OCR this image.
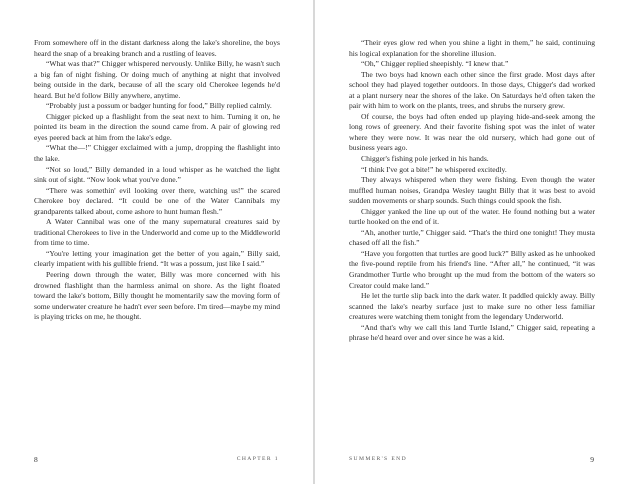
From somewhere off in the distant darkness along the lake's shoreline, the boys heard the snap of a breaking branch and a rustling of leaves.

“What was that?” Chigger whispered nervously. Unlike Billy, he wasn't such a big fan of night fishing. Or doing much of anything at night that involved being outside in the dark, because of all the scary old Cherokee legends he'd heard. But he'd follow Billy anywhere, anytime.

“Probably just a possum or badger hunting for food,” Billy replied calmly.

Chigger picked up a flashlight from the seat next to him. Turning it on, he pointed its beam in the direction the sound came from. A pair of glowing red eyes peered back at him from the lake's edge.

“What the—!” Chigger exclaimed with a jump, dropping the flashlight into the lake.

“Not so loud,” Billy demanded in a loud whisper as he watched the light sink out of sight. “Now look what you've done.”

“There was somethin' evil looking over there, watching us!” the scared Cherokee boy declared. “It could be one of the Water Cannibals my grandparents talked about, come ashore to hunt human flesh.”

A Water Cannibal was one of the many supernatural creatures said by traditional Cherokees to live in the Underworld and come up to the Middleworld from time to time.

“You're letting your imagination get the better of you again,” Billy said, clearly impatient with his gullible friend. “It was a possum, just like I said.”

Peering down through the water, Billy was more concerned with his drowned flashlight than the harmless animal on shore. As the light floated toward the lake's bottom, Billy thought he momentarily saw the moving form of some underwater creature he hadn't ever seen before. I'm tired—maybe my mind is playing tricks on me, he thought.

8	CHAPTER 1

“Their eyes glow red when you shine a light in them,” he said, continuing his logical explanation for the shoreline illusion.

“Oh,” Chigger replied sheepishly. “I knew that.”

The two boys had known each other since the first grade. Most days after school they had played together outdoors. In those days, Chigger's dad worked at a plant nursery near the shores of the lake. On Saturdays he'd often taken the pair with him to work on the plants, trees, and shrubs the nursery grew.

Of course, the boys had often ended up playing hide-and-seek among the long rows of greenery. And their favorite fishing spot was the inlet of water where they were now. It was near the old nursery, which had gone out of business years ago.

Chigger's fishing pole jerked in his hands.

“I think I've got a bite!” he whispered excitedly.

They always whispered when they were fishing. Even though the water muffled human noises, Grandpa Wesley taught Billy that it was best to avoid sudden movements or sharp sounds. Such things could spook the fish.

Chigger yanked the line up out of the water. He found nothing but a water turtle hooked on the end of it.

“Ah, another turtle,” Chigger said. “That's the third one tonight! They musta chased off all the fish.”

“Have you forgotten that turtles are good luck?” Billy asked as he unhooked the five-pound reptile from his friend's line. “After all,” he continued, “it was Grandmother Turtle who brought up the mud from the bottom of the waters so Creator could make land.”

He let the turtle slip back into the dark water. It paddled quickly away. Billy scanned the lake's nearby surface just to make sure no other less familiar creatures were watching them tonight from the legendary Underworld.

“And that's why we call this land Turtle Island,” Chigger said, repeating a phrase he'd heard over and over since he was a kid.

SUMMER'S END	9
